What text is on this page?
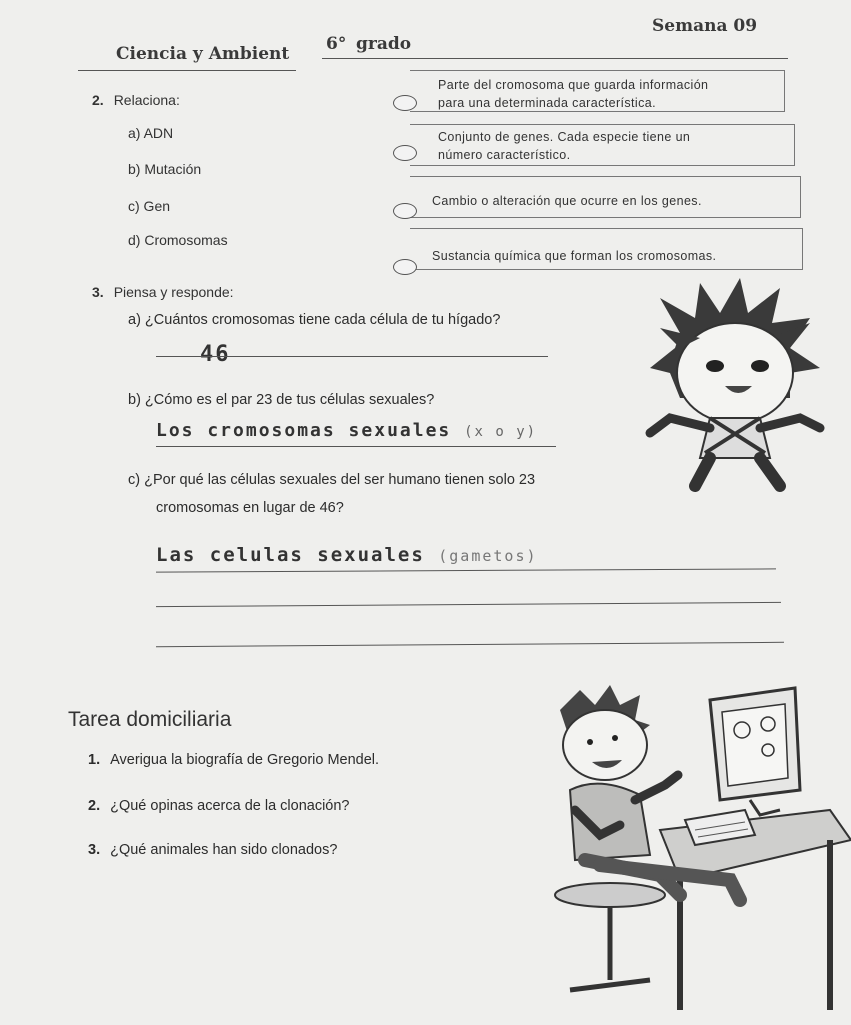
Ciencia y Ambient 6° grado
Semana 09
2. Relaciona:
a) ADN
b) Mutación
c) Gen
d) Cromosomas
Parte del cromosoma que guarda información
para una determinada característica.
Conjunto de genes. Cada especie tiene un
número característico.
Cambio o alteración que ocurre en los genes.
Sustancia química que forman los cromosomas.
3. Piensa y responde:
a) ¿Cuántos cromosomas tiene cada célula de tu hígado?
46
b) ¿Cómo es el par 23 de tus células sexuales?
Los cromosomas sexuales (x o y)
c) ¿Por qué las células sexuales del ser humano tienen solo 23
cromosomas en lugar de 46?
Las celulas sexuales (gametos)
Tarea domiciliaria
1. Averigua la biografía de Gregorio Mendel.
2. ¿Qué opinas acerca de la clonación?
3. ¿Qué animales han sido clonados?
